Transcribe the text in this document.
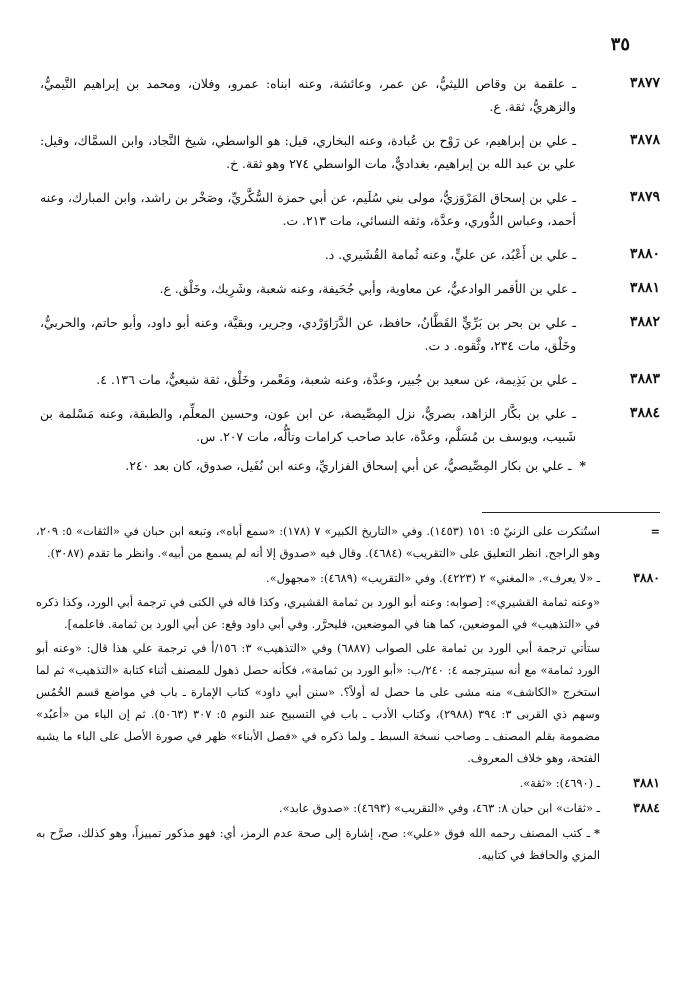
٣٥
٣٨٧٧
ـ علقمة بن وقاص الليثيُّ، عن عمر، وعائشة، وعنه ابناه: عمرو، وفلان، ومحمد بن إبراهيم التَّيميُّ، والزهريُّ، ثقة. ع.
٣٨٧٨
ـ علي بن إبراهيم، عن رَوْح بن عُبادة، وعنه البخاري، قيل: هو الواسطي، شيخ النَّجاد، وابن السمَّاك، وقيل: علي بن عبد الله بن إبراهيم، بغداديٌّ، مات الواسطي ٢٧٤ وهو ثقة. خ.
٣٨٧٩
ـ علي بن إسحاق المَرْوَزيُّ، مولى بني سُلَيم، عن أبي حمزة السُّكَّريِّ، وصَخْر بن راشد، وابن المبارك، وعنه أحمد، وعباس الدُّوري، وعدَّة، وثقه النسائي، مات ٢١٣. ت.
٣٨٨٠
ـ علي بن أَعْبُد، عن عليٍّ، وعنه ثُمامة القُشَيري. د.
٣٨٨١
ـ علي بن الأقمر الوادعيُّ، عن معاوية، وأبي جُحَيفة، وعنه شعبة، وشَرِيك، وخَلْق. ع.
٣٨٨٢
ـ علي بن بحر بن بَرِّيٍّ القَطَّانُ، حافظ، عن الدَّرَاوَرْدي، وجرير، وبقيَّة، وعنه أبو داود، وأبو حاتم، والحربيُّ، وخَلْق، مات ٢٣٤، وثَّقوه. د ت.
٣٨٨٣
ـ علي بن بَذِيمة، عن سعيد بن جُبير، وعدَّة، وعنه شعبة، ومَعْمر، وخَلْق، ثقة شيعيٌّ، مات ١٣٦. ٤.
٣٨٨٤
ـ علي بن بكَّار الزاهد، بصريٌّ، نزل المِصِّيصة، عن ابن عون، وحسين المعلِّم، والطبقة، وعنه مَسْلمة بن شَبيب، ويوسف بن مُسَلَّم، وعدَّة، عابد صاحب كرامات وتألُّه، مات ٢٠٧. س.
* ـ علي بن بكار المِصِّيصيُّ، عن أبي إسحاق الفزاريِّ، وعنه ابن نُفَيل، صدوق، كان بعد ٢٤٠.
=

استُنكرت على الزنيّ ٥: ١٥١ (١٤٥٣). وفي «التاريخ الكبير» ٧ (١٧٨): «سمع أباه»، وتبعه ابن حبان في «الثقات» ٥: ٢٠٩، وهو الراجح. انظر التعليق على «التقريب» (٤٦٨٤). وقال فيه «صدوق إلا أنه لم يسمع من أبيه». وانظر ما تقدم (٣٠٨٧).

٣٨٨٠

ـ «لا يعرف». «المغني» ٢ (٤٢٢٣). وفي «التقريب» (٤٦٨٩): «مجهول».

«وعنه ثمامة القشيري»: [صوابه: وعنه أبو الورد بن ثمامة القشيري، وكذا قاله في الكنى في ترجمة أبي الورد، وكذا ذكره في «التذهيب» في الموضعين، كما هنا في الموضعين، فليحرَّر. وفي أبي داود وقع: عن أبي الورد بن ثمامة. فاعلمه].

ستأتي ترجمة أبي الورد بن ثمامة على الصواب (٦٨٨٧) وفي «التذهيب» ٣: ١٥٦/أ في ترجمة علي هذا قال: «وعنه أبو الورد ثمامة» مع أنه سيترجمه ٤: ٢٤٠/ب: «أبو الورد بن ثمامة»، فكأنه حصل ذهول للمصنف أثناء كتابة «التذهيب» ثم لما استخرج «الكاشف» منه مشى على ما حصل له أولاً؟. «سنن أبي داود» كتاب الإمارة ـ باب في مواضع قسم الخُمُس وسهم ذي القربى ٣: ٣٩٤ (٢٩٨٨)، وكتاب الأدب ـ باب في التسبيح عند النوم ٥: ٣٠٧ (٥٠٦٣). ثم إن الباء من «أعبُد» مضمومة بقلم المصنف ـ وصاحب نسخة السبط ـ ولما ذكره في «فصل الأبناء» ظهر في صورة الأصل على الباء ما يشبه الفتحة، وهو خلاف المعروف.

٣٨٨١

ـ (٤٦٩٠): «ثقة».

٣٨٨٤

ـ «ثقات» ابن حبان ٨: ٤٦٣، وفي «التقريب» (٤٦٩٣): «صدوق عابد».

*ـ كتب المصنف رحمه الله فوق «علي»: صح، إشارة إلى صحة عدم الرمز، أي: فهو مذكور تمييزاً، وهو كذلك، صرَّح به المزي والحافظ في كتابيه.
